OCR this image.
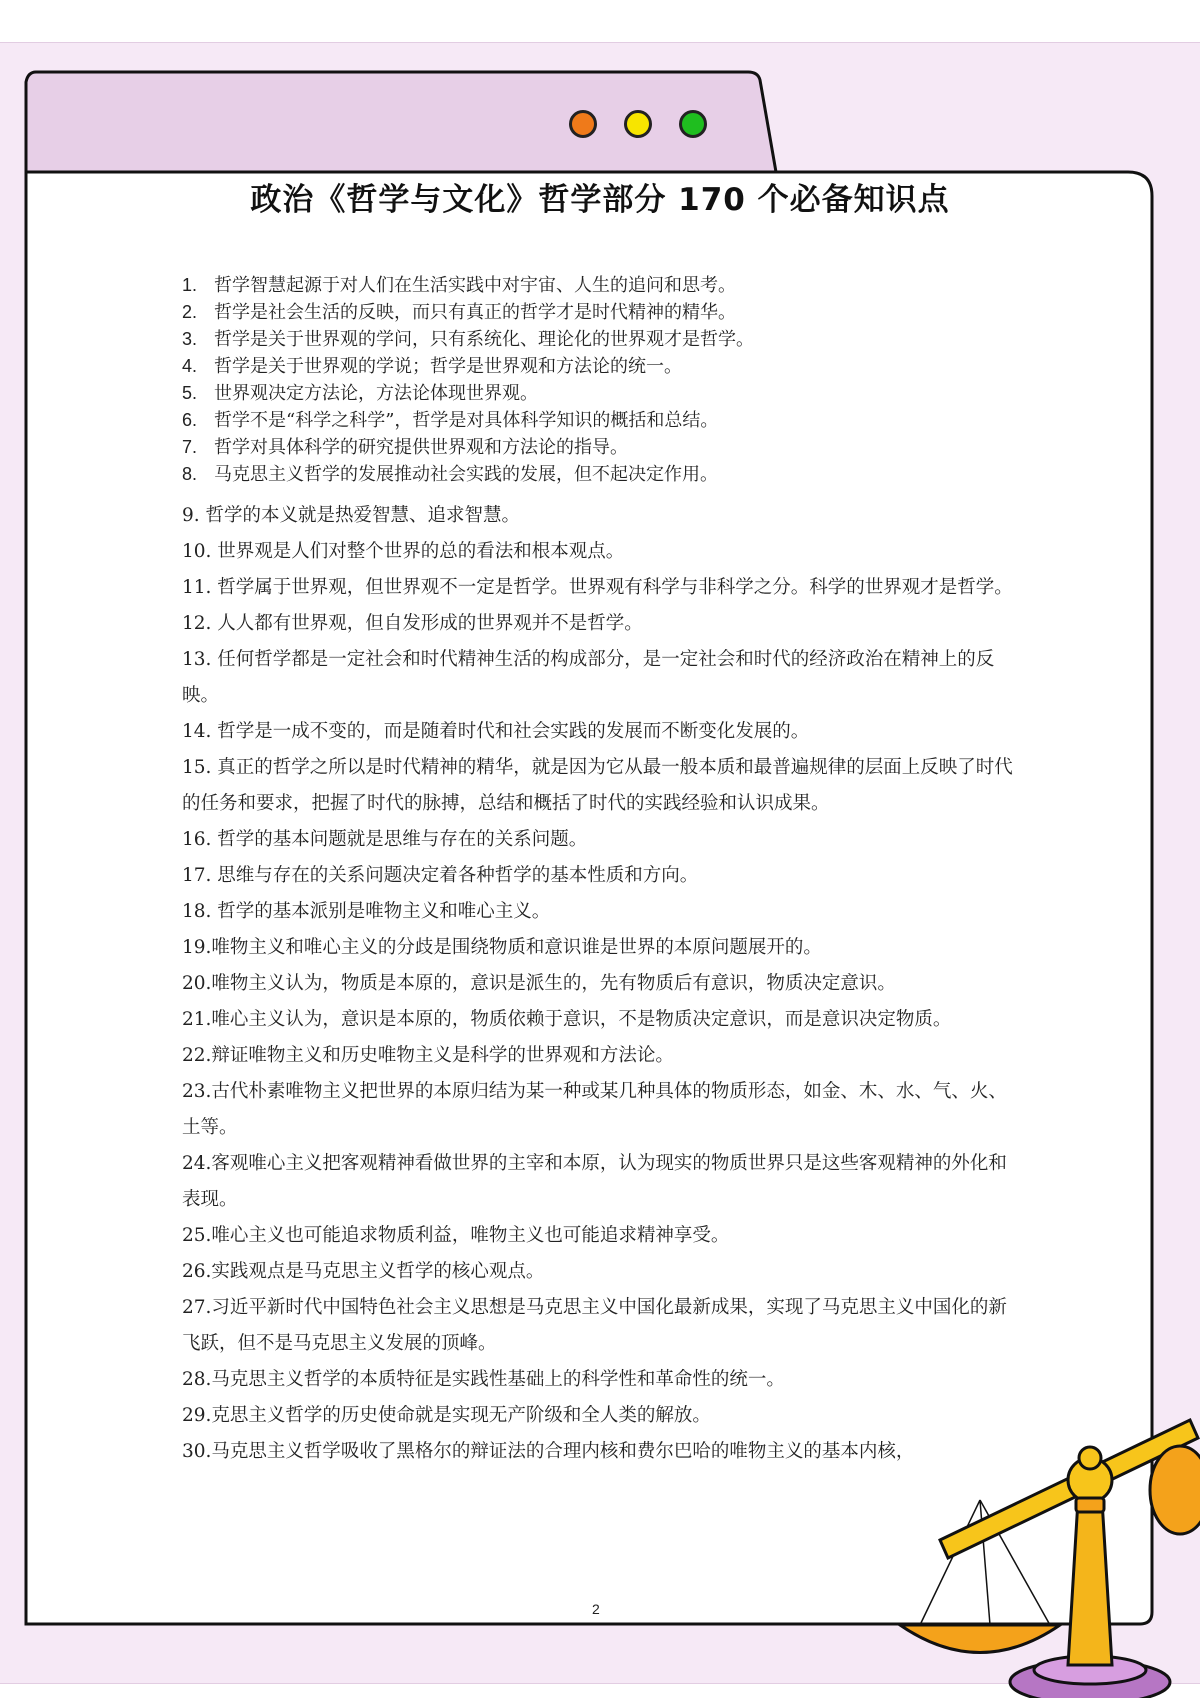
政治《哲学与文化》哲学部分 170 个必备知识点
1. 哲学智慧起源于对人们在生活实践中对宇宙、人生的追问和思考。
2. 哲学是社会生活的反映，而只有真正的哲学才是时代精神的精华。
3. 哲学是关于世界观的学问，只有系统化、理论化的世界观才是哲学。
4. 哲学是关于世界观的学说；哲学是世界观和方法论的统一。
5. 世界观决定方法论，方法论体现世界观。
6. 哲学不是“科学之科学”，哲学是对具体科学知识的概括和总结。
7. 哲学对具体科学的研究提供世界观和方法论的指导。
8. 马克思主义哲学的发展推动社会实践的发展，但不起决定作用。
9. 哲学的本义就是热爱智慧、追求智慧。
10. 世界观是人们对整个世界的总的看法和根本观点。
11. 哲学属于世界观，但世界观不一定是哲学。世界观有科学与非科学之分。科学的世界观才是哲学。
12. 人人都有世界观，但自发形成的世界观并不是哲学。
13. 任何哲学都是一定社会和时代精神生活的构成部分，是一定社会和时代的经济政治在精神上的反映。
14. 哲学是一成不变的，而是随着时代和社会实践的发展而不断变化发展的。
15. 真正的哲学之所以是时代精神的精华，就是因为它从最一般本质和最普遍规律的层面上反映了时代的任务和要求，把握了时代的脉搏，总结和概括了时代的实践经验和认识成果。
16. 哲学的基本问题就是思维与存在的关系问题。
17. 思维与存在的关系问题决定着各种哲学的基本性质和方向。
18. 哲学的基本派别是唯物主义和唯心主义。
19.唯物主义和唯心主义的分歧是围绕物质和意识谁是世界的本原问题展开的。
20.唯物主义认为，物质是本原的，意识是派生的，先有物质后有意识，物质决定意识。
21.唯心主义认为，意识是本原的，物质依赖于意识，不是物质决定意识，而是意识决定物质。
22.辩证唯物主义和历史唯物主义是科学的世界观和方法论。
23.古代朴素唯物主义把世界的本原归结为某一种或某几种具体的物质形态，如金、木、水、气、火、土等。
24.客观唯心主义把客观精神看做世界的主宰和本原，认为现实的物质世界只是这些客观精神的外化和表现。
25.唯心主义也可能追求物质利益，唯物主义也可能追求精神享受。
26.实践观点是马克思主义哲学的核心观点。
27.习近平新时代中国特色社会主义思想是马克思主义中国化最新成果，实现了马克思主义中国化的新飞跃，但不是马克思主义发展的顶峰。
28.马克思主义哲学的本质特征是实践性基础上的科学性和革命性的统一。
29.克思主义哲学的历史使命就是实现无产阶级和全人类的解放。
30.马克思主义哲学吸收了黑格尔的辩证法的合理内核和费尔巴哈的唯物主义的基本内核，
2
